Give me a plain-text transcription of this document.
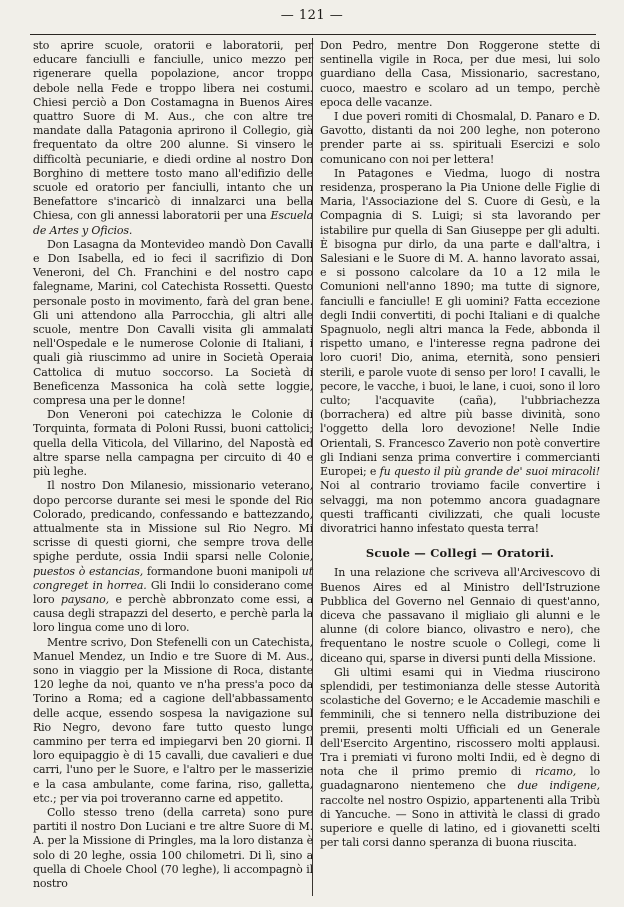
— 121 —

sto aprire scuole, oratorii e laboratorii, per educare fanciulli e fanciulle, unico mezzo per rigenerare quella popolazione, ancor troppo debole nella Fede e troppo libera nei costumi. Chiesi perciò a Don Costamagna in Buenos Aires quattro Suore di M. Aus., che con altre tre mandate dalla Patagonia aprirono il Collegio, già frequentato da oltre 200 alunne. Si vinsero le difficoltà pecuniarie, e diedi ordine al nostro Don Borghino di mettere tosto mano all'edifizio delle scuole ed oratorio per fanciulli, intanto che un Benefattore s'incaricò di innalzarci una bella Chiesa, con gli annessi laboratorii per una Escuela de Artes y Oficios.

Don Lasagna da Montevideo mandò Don Cavalli e Don Isabella, ed io feci il sacrifizio di Don Veneroni, del Ch. Franchini e del nostro capo falegname, Marini, col Catechista Rossetti. Questo personale posto in movimento, farà del gran bene. Gli uni attendono alla Parrocchia, gli altri alle scuole, mentre Don Cavalli visita gli ammalati nell'Ospedale e le numerose Colonie di Italiani, i quali già riuscimmo ad unire in Società Operaia Cattolica di mutuo soccorso. La Società di Beneficenza Massonica ha colà sette loggie, compresa una per le donne!

Don Veneroni poi catechizza le Colonie di Torquinta, formata di Poloni Russi, buoni cattolici; quella della Viticola, del Villarino, del Napostà ed altre sparse nella campagna per circuito di 40 e più leghe.

Il nostro Don Milanesio, missionario veterano, dopo percorse durante sei mesi le sponde del Rio Colorado, predicando, confessando e battezzando, attualmente sta in Missione sul Rio Negro. Mi scrisse di questi giorni, che sempre trova delle spighe perdute, ossia Indii sparsi nelle Colonie, puestos ò estancias, formandone buoni manipoli ut congreget in horrea. Gli Indii lo considerano come loro paysano, e perchè abbronzato come essi, a causa degli strapazzi del deserto, e perchè parla la loro lingua come uno di loro.

Mentre scrivo, Don Stefenelli con un Catechista, Manuel Mendez, un Indio e tre Suore di M. Aus., sono in viaggio per la Missione di Roca, distante 120 leghe da noi, quanto ve n'ha press'a poco da Torino a Roma; ed a cagione dell'abbassamento delle acque, essendo sospesa la navigazione sul Rio Negro, devono fare tutto questo lungo cammino per terra ed impiegarvi ben 20 giorni. Il loro equipaggio è di 15 cavalli, due cavalieri e due carri, l'uno per le Suore, e l'altro per le masserizie e la casa ambulante, come farina, riso, galletta, etc.; per via poi troveranno carne ed appetito.

Collo stesso treno (della carreta) sono pure partiti il nostro Don Luciani e tre altre Suore di M. A. per la Missione di Pringles, ma la loro distanza è solo di 20 leghe, ossia 100 chilometri. Di lì, sino a quella di Choele Chool (70 leghe), li accompagnò il nostro

Don Pedro, mentre Don Roggerone stette di sentinella vigile in Roca, per due mesi, lui solo guardiano della Casa, Missionario, sacrestano, cuoco, maestro e scolaro ad un tempo, perchè epoca delle vacanze.

I due poveri romiti di Chosmalal, D. Panaro e D. Gavotto, distanti da noi 200 leghe, non poterono prender parte ai ss. spirituali Esercizi e solo comunicano con noi per lettera!

In Patagones e Viedma, luogo di nostra residenza, prosperano la Pia Unione delle Figlie di Maria, l'Associazione del S. Cuore di Gesù, e la Compagnia di S. Luigi; si sta lavorando per istabilire pur quella di San Giuseppe per gli adulti. È bisogna pur dirlo, da una parte e dall'altra, i Salesiani e le Suore di M. A. hanno lavorato assai, e si possono calcolare da 10 a 12 mila le Comunioni nell'anno 1890; ma tutte di signore, fanciulli e fanciulle! E gli uomini? Fatta eccezione degli Indii convertiti, di pochi Italiani e di qualche Spagnuolo, negli altri manca la Fede, abbonda il rispetto umano, e l'interesse regna padrone dei loro cuori! Dio, anima, eternità, sono pensieri sterili, e parole vuote di senso per loro! I cavalli, le pecore, le vacche, i buoi, le lane, i cuoi, sono il loro culto; l'acquavite (caña), l'ubbriachezza (borrachera) ed altre più basse divinità, sono l'oggetto della loro devozione! Nelle Indie Orientali, S. Francesco Zaverio non potè convertire gli Indiani senza prima convertire i commercianti Europei; e fu questo il più grande de' suoi miracoli! Noi al contrario troviamo facile convertire i selvaggi, ma non potemmo ancora guadagnare questi trafficanti civilizzati, che quali locuste divoratrici hanno infestato questa terra!

Scuole — Collegi — Oratorii.

In una relazione che scriveva all'Arcivescovo di Buenos Aires ed al Ministro dell'Istruzione Pubblica del Governo nel Gennaio di quest'anno, diceva che passavano il migliaio gli alunni e le alunne (di colore bianco, olivastro e nero), che frequentano le nostre scuole o Collegi, come li diceano qui, sparse in diversi punti della Missione.

Gli ultimi esami qui in Viedma riuscirono splendidi, per testimonianza delle stesse Autorità scolastiche del Governo; e le Accademie maschili e femminili, che si tennero nella distribuzione dei premii, presenti molti Ufficiali ed un Generale dell'Esercito Argentino, riscossero molti applausi. Tra i premiati vi furono molti Indii, ed è degno di nota che il primo premio di ricamo, lo guadagnarono nientemeno che due indigene, raccolte nel nostro Ospizio, appartenenti alla Tribù di Yancuche. — Sono in attività le classi di grado superiore e quelle di latino, ed i giovanetti scelti per tali corsi danno speranza di buona riuscita.
